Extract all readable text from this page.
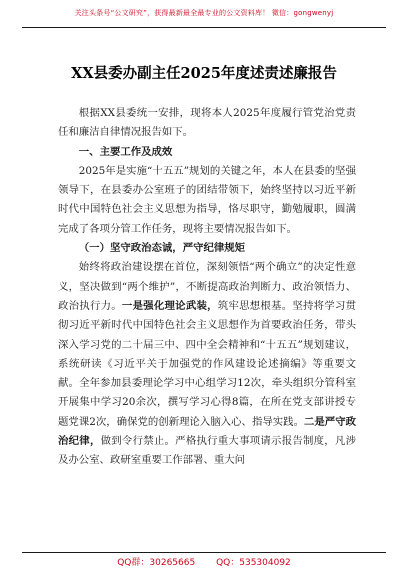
关注头条号“公文研究”，获得最新最全最专业的公文资料库！ 微信：gongwenyj
XX县委办副主任2025年度述责述廉报告

根据XX县委统一安排，现将本人2025年度履行管党治党责任和廉洁自律情况报告如下。

一、主要工作及成效

2025年是实施“十五五”规划的关键之年，本人在县委的坚强领导下，在县委办公室班子的团结带领下，始终坚持以习近平新时代中国特色社会主义思想为指导，恪尽职守，勤勉履职，圆满完成了各项分管工作任务，现将主要情况报告如下。

（一）坚守政治态诚，严守纪律规矩

始终将政治建设摆在首位，深刻领悟“两个确立”的决定性意义，坚决做到“两个维护”，不断提高政治判断力、政治领悟力、政治执行力。一是强化理论武装，筑牢思想根基。坚持将学习贯彻习近平新时代中国特色社会主义思想作为首要政治任务，带头深入学习党的二十届三中、四中全会精神和“十五五”规划建议，系统研读《习近平关于加强党的作风建设论述摘编》等重要文献。全年参加县委理论学习中心组学习12次，牵头组织分管科室开展集中学习20余次，撰写学习心得8篇，在所在党支部讲授专题党课2次，确保党的创新理论入脑入心、指导实践。二是严守政治纪律，做到令行禁止。严格执行重大事项请示报告制度，凡涉及办公室、政研室重要工作部署、重大问

QQ群：30265665 QQ：535304092
